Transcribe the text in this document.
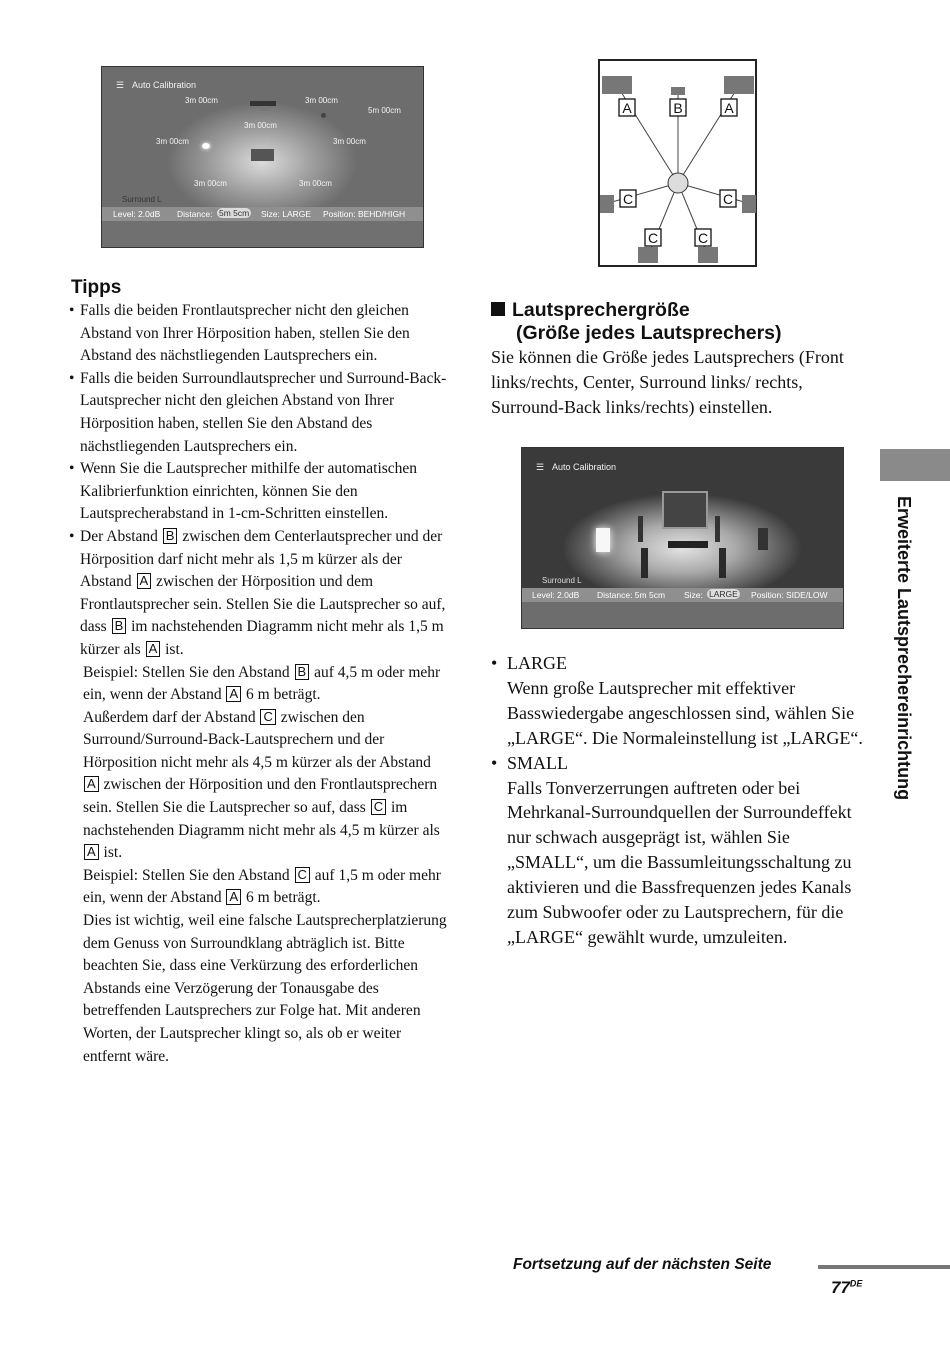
☰ Auto Calibration
3m 00cm	3m 00cm
5m 00cm
3m 00cm
3m 00cm	3m 00cm
3m 00cm	3m 00cm
Surround L
Level: 2.0dB Distance: 5m 5cm Size: LARGE Position: BEHD/HIGH
A	B	A
C	C
C	C
Tipps

• Falls die beiden Frontlautsprecher nicht den gleichen Abstand von Ihrer Hörposition haben, stellen Sie den Abstand des nächstliegenden Lautsprechers ein.

• Falls die beiden Surroundlautsprecher und Surround-Back-Lautsprecher nicht den gleichen Abstand von Ihrer Hörposition haben, stellen Sie den Abstand des nächstliegenden Lautsprechers ein.

• Wenn Sie die Lautsprecher mithilfe der automatischen Kalibrierfunktion einrichten, können Sie den Lautsprecherabstand in 1-cm-Schritten einstellen.

• Der Abstand B zwischen dem Centerlautsprecher und der Hörposition darf nicht mehr als 1,5 m kürzer als der Abstand A zwischen der Hörposition und dem Frontlautsprecher sein. Stellen Sie die Lautsprecher so auf, dass B im nachstehenden Diagramm nicht mehr als 1,5 m kürzer als A ist.

Beispiel: Stellen Sie den Abstand B auf 4,5 m oder mehr ein, wenn der Abstand A 6 m beträgt.

Außerdem darf der Abstand C zwischen den Surround/Surround-Back-Lautsprechern und der Hörposition nicht mehr als 4,5 m kürzer als der Abstand A zwischen der Hörposition und den Frontlautsprechern sein. Stellen Sie die Lautsprecher so auf, dass C im nachstehenden Diagramm nicht mehr als 4,5 m kürzer als A ist.

Beispiel: Stellen Sie den Abstand C auf 1,5 m oder mehr ein, wenn der Abstand A 6 m beträgt.

Dies ist wichtig, weil eine falsche Lautsprecherplatzierung dem Genuss von Surroundklang abträglich ist. Bitte beachten Sie, dass eine Verkürzung des erforderlichen Abstands eine Verzögerung der Tonausgabe des betreffenden Lautsprechers zur Folge hat. Mit anderen Worten, der Lautsprecher klingt so, als ob er weiter entfernt wäre.

Lautsprechergröße
(Größe jedes Lautsprechers)
Sie können die Größe jedes Lautsprechers (Front links/rechts, Center, Surround links/ rechts, Surround-Back links/rechts) einstellen.
☰ Auto Calibration
Surround L
Level: 2.0dB Distance: 5m 5cm Size: LARGE Position: SIDE/LOW
• LARGE
Wenn große Lautsprecher mit effektiver Basswiedergabe angeschlossen sind, wählen Sie „LARGE“. Die Normaleinstellung ist „LARGE“.
• SMALL
Falls Tonverzerrungen auftreten oder bei Mehrkanal-Surroundquellen der Surroundeffekt nur schwach ausgeprägt ist, wählen Sie „SMALL“, um die Bassumleitungsschaltung zu aktivieren und die Bassfrequenzen jedes Kanals zum Subwoofer oder zu Lautsprechern, für die „LARGE“ gewählt wurde, umzuleiten.
Erweiterte Lautsprechereinrichtung
Fortsetzung auf der nächsten Seite
77DE
